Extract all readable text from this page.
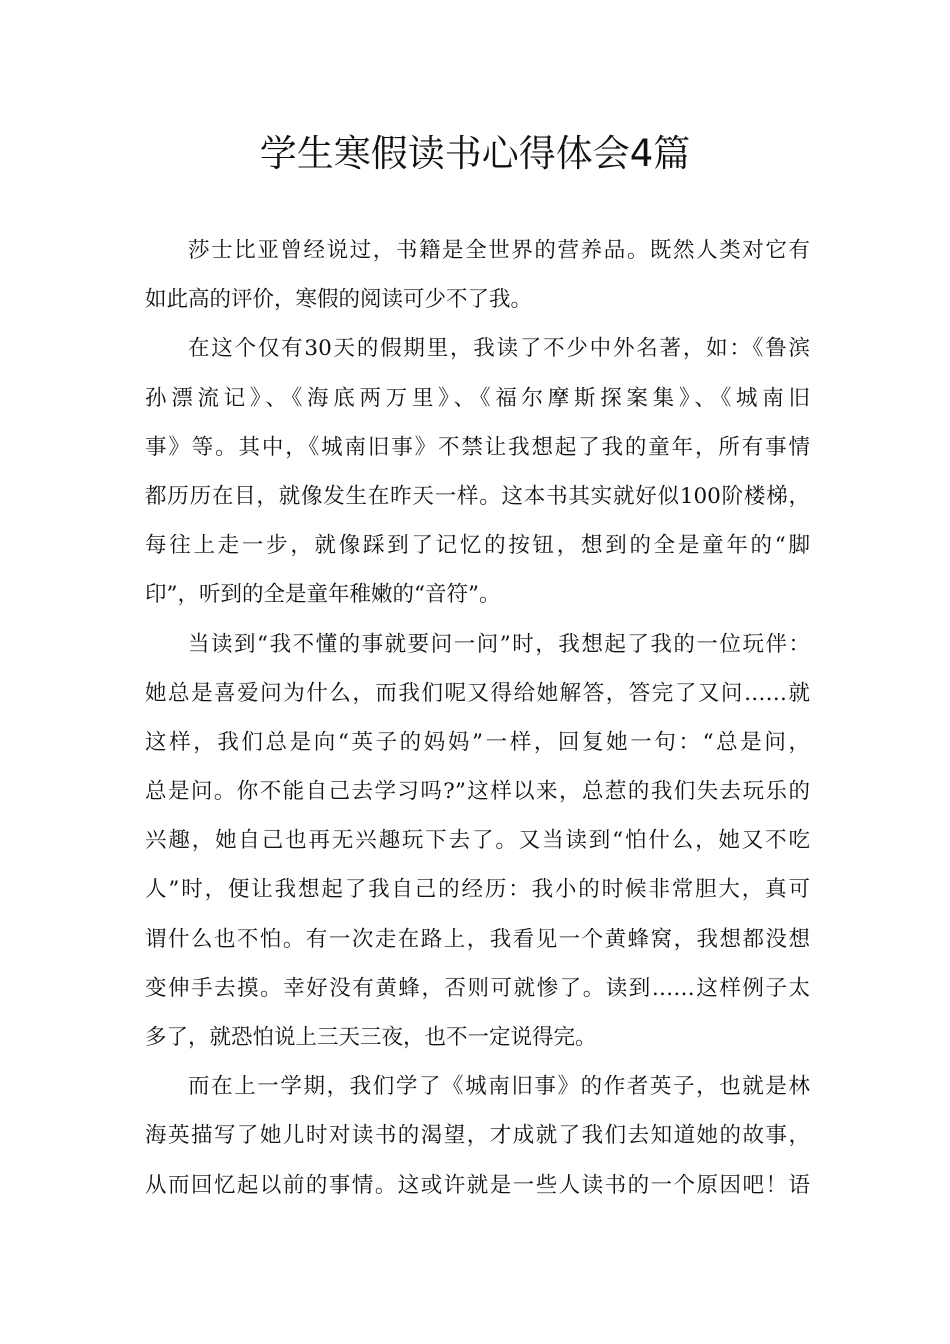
学生寒假读书心得体会4篇
莎士比亚曾经说过，书籍是全世界的营养品。既然人类对它有
如此高的评价，寒假的阅读可少不了我。
在这个仅有30天的假期里，我读了不少中外名著，如：《鲁滨
孙漂流记》、《海底两万里》、《福尔摩斯探案集》、《城南旧
事》等。其中，《城南旧事》不禁让我想起了我的童年，所有事情
都历历在目，就像发生在昨天一样。这本书其实就好似100阶楼梯，
每往上走一步，就像踩到了记忆的按钮，想到的全是童年的“脚
印”，听到的全是童年稚嫩的“音符”。
当读到“我不懂的事就要问一问”时，我想起了我的一位玩伴：
她总是喜爱问为什么，而我们呢又得给她解答，答完了又问……就
这样，我们总是向“英子的妈妈”一样，回复她一句：“总是问，
总是问。你不能自己去学习吗?”这样以来，总惹的我们失去玩乐的
兴趣，她自己也再无兴趣玩下去了。又当读到“怕什么，她又不吃
人”时，便让我想起了我自己的经历：我小的时候非常胆大，真可
谓什么也不怕。有一次走在路上，我看见一个黄蜂窝，我想都没想
变伸手去摸。幸好没有黄蜂，否则可就惨了。读到……这样例子太
多了，就恐怕说上三天三夜，也不一定说得完。
而在上一学期，我们学了《城南旧事》的作者英子，也就是林
海英描写了她儿时对读书的渴望，才成就了我们去知道她的故事，
从而回忆起以前的事情。这或许就是一些人读书的一个原因吧！语
